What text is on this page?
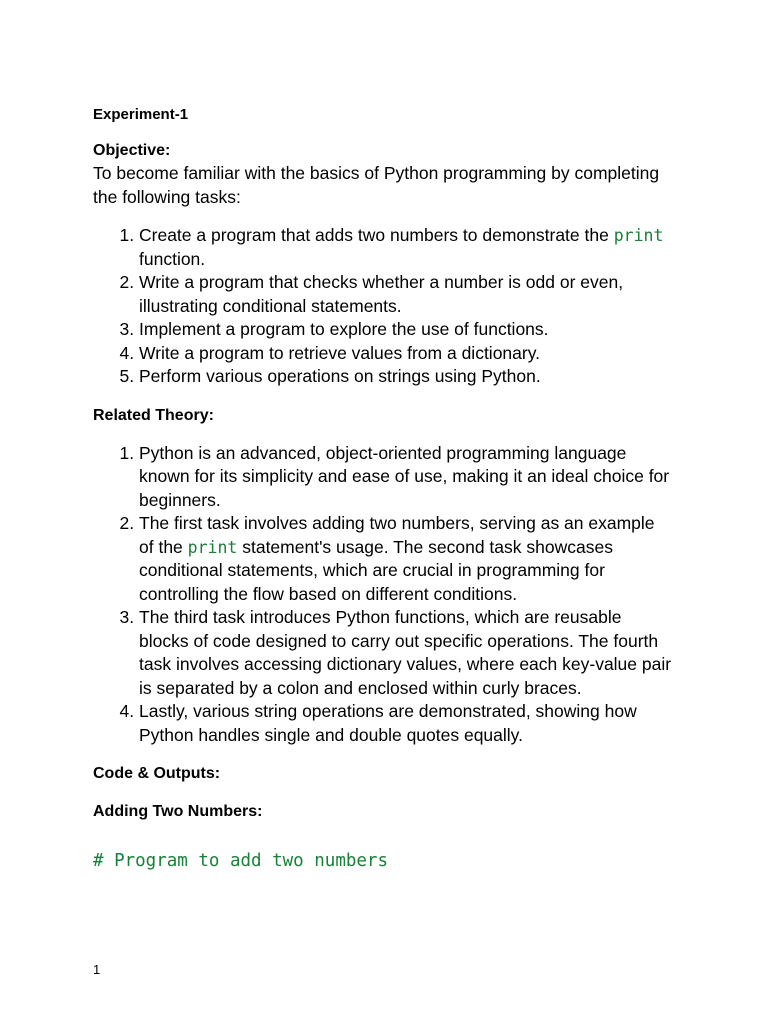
Experiment-1

Objective:

To become familiar with the basics of Python programming by completing the following tasks:

1. Create a program that adds two numbers to demonstrate the print function.
2. Write a program that checks whether a number is odd or even, illustrating conditional statements.
3. Implement a program to explore the use of functions.
4. Write a program to retrieve values from a dictionary.
5. Perform various operations on strings using Python.

Related Theory:

1. Python is an advanced, object-oriented programming language known for its simplicity and ease of use, making it an ideal choice for beginners.
2. The first task involves adding two numbers, serving as an example of the print statement's usage. The second task showcases conditional statements, which are crucial in programming for controlling the flow based on different conditions.
3. The third task introduces Python functions, which are reusable blocks of code designed to carry out specific operations. The fourth task involves accessing dictionary values, where each key-value pair is separated by a colon and enclosed within curly braces.
4. Lastly, various string operations are demonstrated, showing how Python handles single and double quotes equally.

Code & Outputs:

Adding Two Numbers:

# Program to add two numbers

1
